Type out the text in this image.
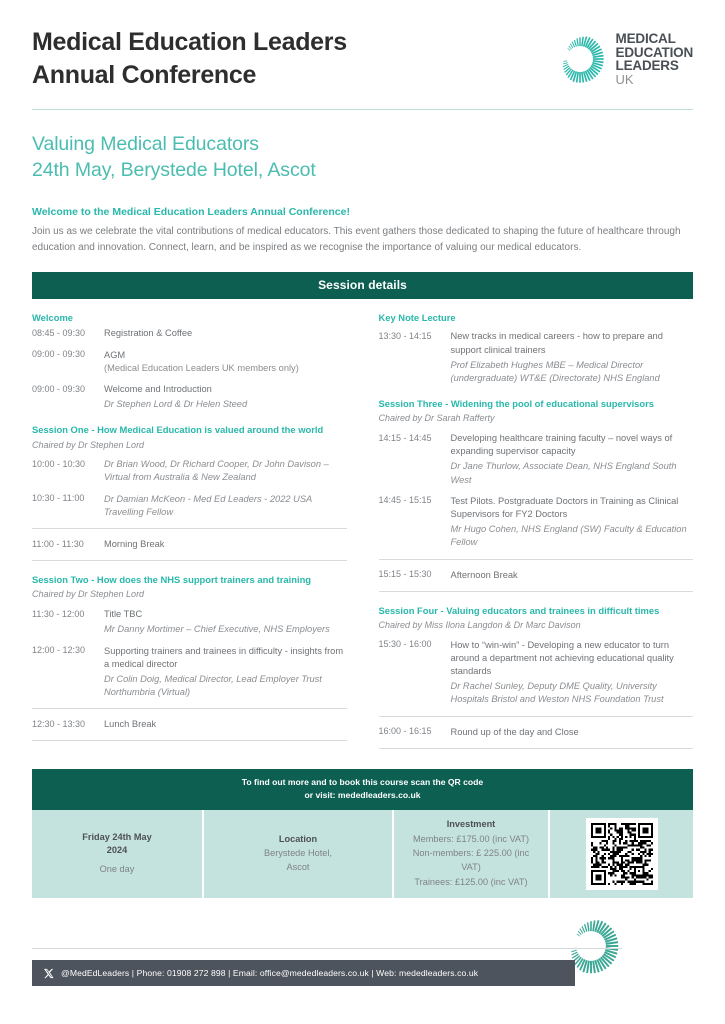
Medical Education Leaders
Annual Conference
MEDICAL
EDUCATION
LEADERS
UK
Valuing Medical Educators
24th May, Berystede Hotel, Ascot
Welcome to the Medical Education Leaders Annual Conference!
Join us as we celebrate the vital contributions of medical educators. This event gathers those dedicated to shaping the future of healthcare through education and innovation. Connect, learn, and be inspired as we recognise the importance of valuing our medical educators.
Session details
Welcome
08:45 - 09:30	Registration & Coffee
09:00 - 09:30	AGM
(Medical Education Leaders UK members only)
09:00 - 09:30	Welcome and Introduction
Dr Stephen Lord & Dr Helen Steed
Session One - How Medical Education is valued around the world
Chaired by Dr Stephen Lord
10:00 - 10:30	Dr Brian Wood, Dr Richard Cooper, Dr John Davison – Virtual from Australia & New Zealand
10:30 - 11:00	Dr Damian McKeon - Med Ed Leaders - 2022 USA Travelling Fellow
11:00 - 11:30	Morning Break
Session Two - How does the NHS support trainers and training
Chaired by Dr Stephen Lord
11:30 - 12:00	Title TBC
Mr Danny Mortimer – Chief Executive, NHS Employers
12:00 - 12:30	Supporting trainers and trainees in difficulty - insights from a medical director
Dr Colin Doig, Medical Director, Lead Employer Trust Northumbria (Virtual)
12:30 - 13:30	Lunch Break
Key Note Lecture
13:30 - 14:15	New tracks in medical careers - how to prepare and support clinical trainers
Prof Elizabeth Hughes MBE – Medical Director (undergraduate) WT&E (Directorate) NHS England
Session Three - Widening the pool of educational supervisors
Chaired by Dr Sarah Rafferty
14:15 - 14:45	Developing healthcare training faculty – novel ways of expanding supervisor capacity
Dr Jane Thurlow, Associate Dean, NHS England South West
14:45 - 15:15	Test Pilots. Postgraduate Doctors in Training as Clinical Supervisors for FY2 Doctors
Mr Hugo Cohen, NHS England (SW) Faculty & Education Fellow
15:15 - 15:30	Afternoon Break
Session Four - Valuing educators and trainees in difficult times
Chaired by Miss Ilona Langdon & Dr Marc Davison
15:30 - 16:00	How to “win-win” - Developing a new educator to turn around a department not achieving educational quality standards
Dr Rachel Sunley, Deputy DME Quality, University Hospitals Bristol and Weston NHS Foundation Trust
16:00 - 16:15	Round up of the day and Close
To find out more and to book this course scan the QR code
or visit: mededleaders.co.uk
Friday 24th May
2024
One day
Location
Berystede Hotel,
Ascot
Investment
Members: £175.00 (inc VAT)
Non-members: £ 225.00 (inc VAT)
Trainees: £125.00 (inc VAT)
@MedEdLeaders | Phone: 01908 272 898 | Email: office@mededleaders.co.uk | Web: mededleaders.co.uk
